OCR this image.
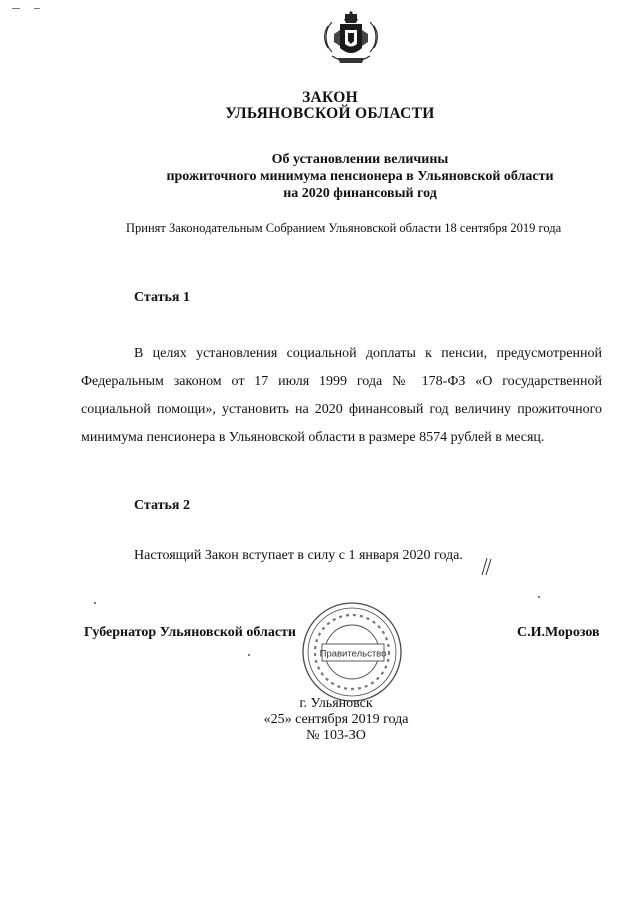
ЗАКОН
УЛЬЯНОВСКОЙ ОБЛАСТИ
Об установлении величины
прожиточного минимума пенсионера в Ульяновской области
на 2020 финансовый год
Принят Законодательным Собранием Ульяновской области 18 сентября 2019 года
Статья 1
В целях установления социальной доплаты к пенсии, предусмотренной Федеральным законом от 17 июля 1999 года № 178-ФЗ «О государственной социальной помощи», установить на 2020 финансовый год величину прожиточного минимума пенсионера в Ульяновской области в размере 8574 рублей в месяц.
Статья 2
Настоящий Закон вступает в силу с 1 января 2020 года.
Правительство
Губернатор Ульяновской области	С.И.Морозов
г. Ульяновск
«25» сентября 2019 года
№ 103-ЗО
